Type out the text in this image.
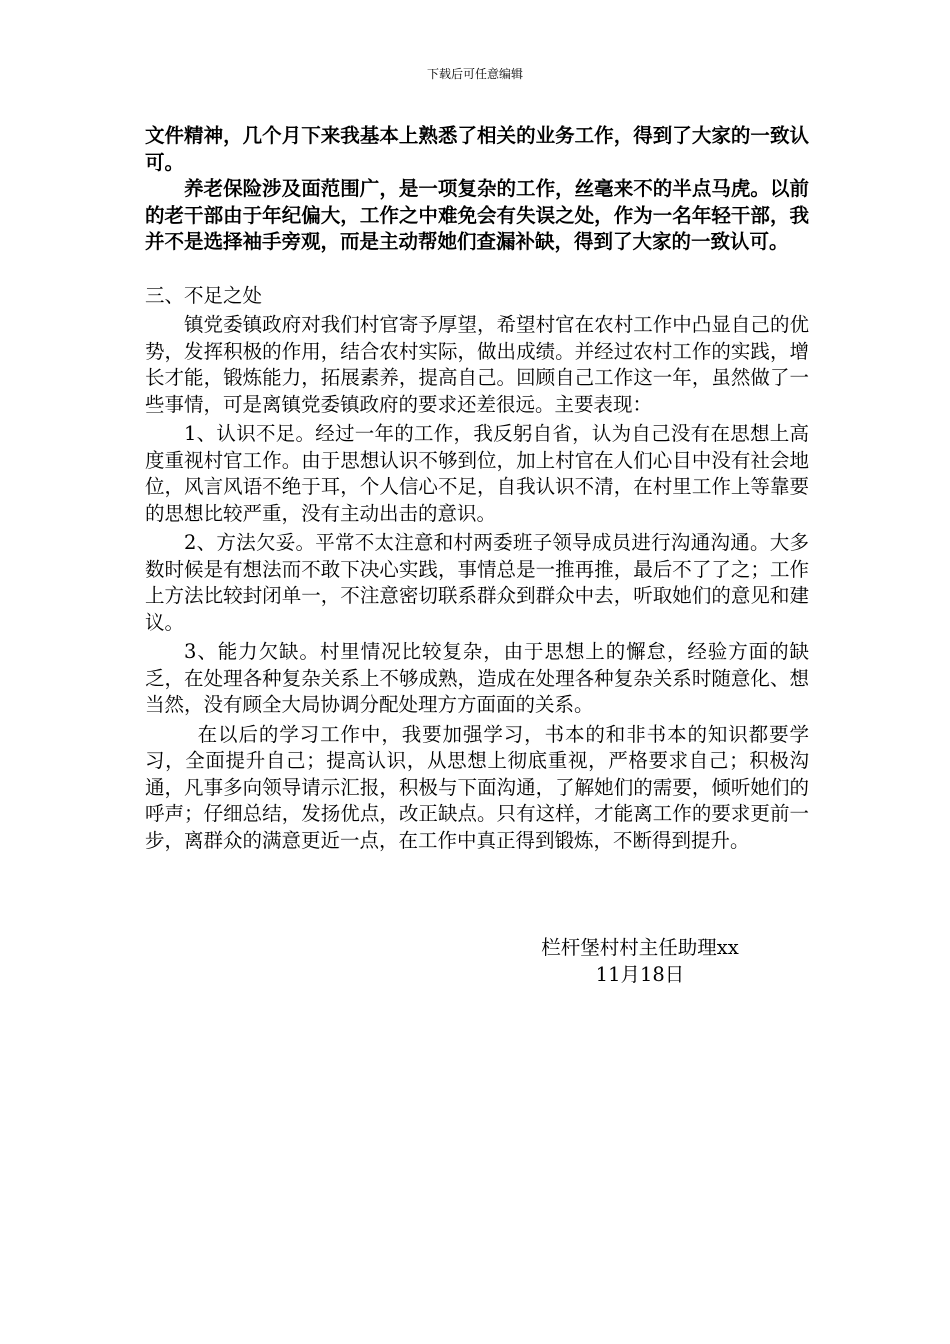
下载后可任意编辑

文件精神，几个月下来我基本上熟悉了相关的业务工作，得到了大家的一致认可。

养老保险涉及面范围广，是一项复杂的工作，丝毫来不的半点马虎。以前的老干部由于年纪偏大，工作之中难免会有失误之处，作为一名年轻干部，我并不是选择袖手旁观，而是主动帮她们查漏补缺，得到了大家的一致认可。

三、不足之处

镇党委镇政府对我们村官寄予厚望，希望村官在农村工作中凸显自己的优势，发挥积极的作用，结合农村实际，做出成绩。并经过农村工作的实践，增长才能，锻炼能力，拓展素养，提高自己。回顾自己工作这一年，虽然做了一些事情，可是离镇党委镇政府的要求还差很远。主要表现：

1、认识不足。经过一年的工作，我反躬自省，认为自己没有在思想上高度重视村官工作。由于思想认识不够到位，加上村官在人们心目中没有社会地位，风言风语不绝于耳，个人信心不足，自我认识不清，在村里工作上等靠要的思想比较严重，没有主动出击的意识。

2、方法欠妥。平常不太注意和村两委班子领导成员进行沟通沟通。大多数时候是有想法而不敢下决心实践，事情总是一推再推，最后不了了之；工作上方法比较封闭单一，不注意密切联系群众到群众中去，听取她们的意见和建议。

3、能力欠缺。村里情况比较复杂，由于思想上的懈怠，经验方面的缺乏，在处理各种复杂关系上不够成熟，造成在处理各种复杂关系时随意化、想当然，没有顾全大局协调分配处理方方面面的关系。

在以后的学习工作中，我要加强学习，书本的和非书本的知识都要学习，全面提升自己；提高认识，从思想上彻底重视，严格要求自己；积极沟通，凡事多向领导请示汇报，积极与下面沟通，了解她们的需要，倾听她们的呼声；仔细总结，发扬优点，改正缺点。只有这样，才能离工作的要求更前一步，离群众的满意更近一点，在工作中真正得到锻炼，不断得到提升。

栏杆堡村村主任助理xx
11月18日
